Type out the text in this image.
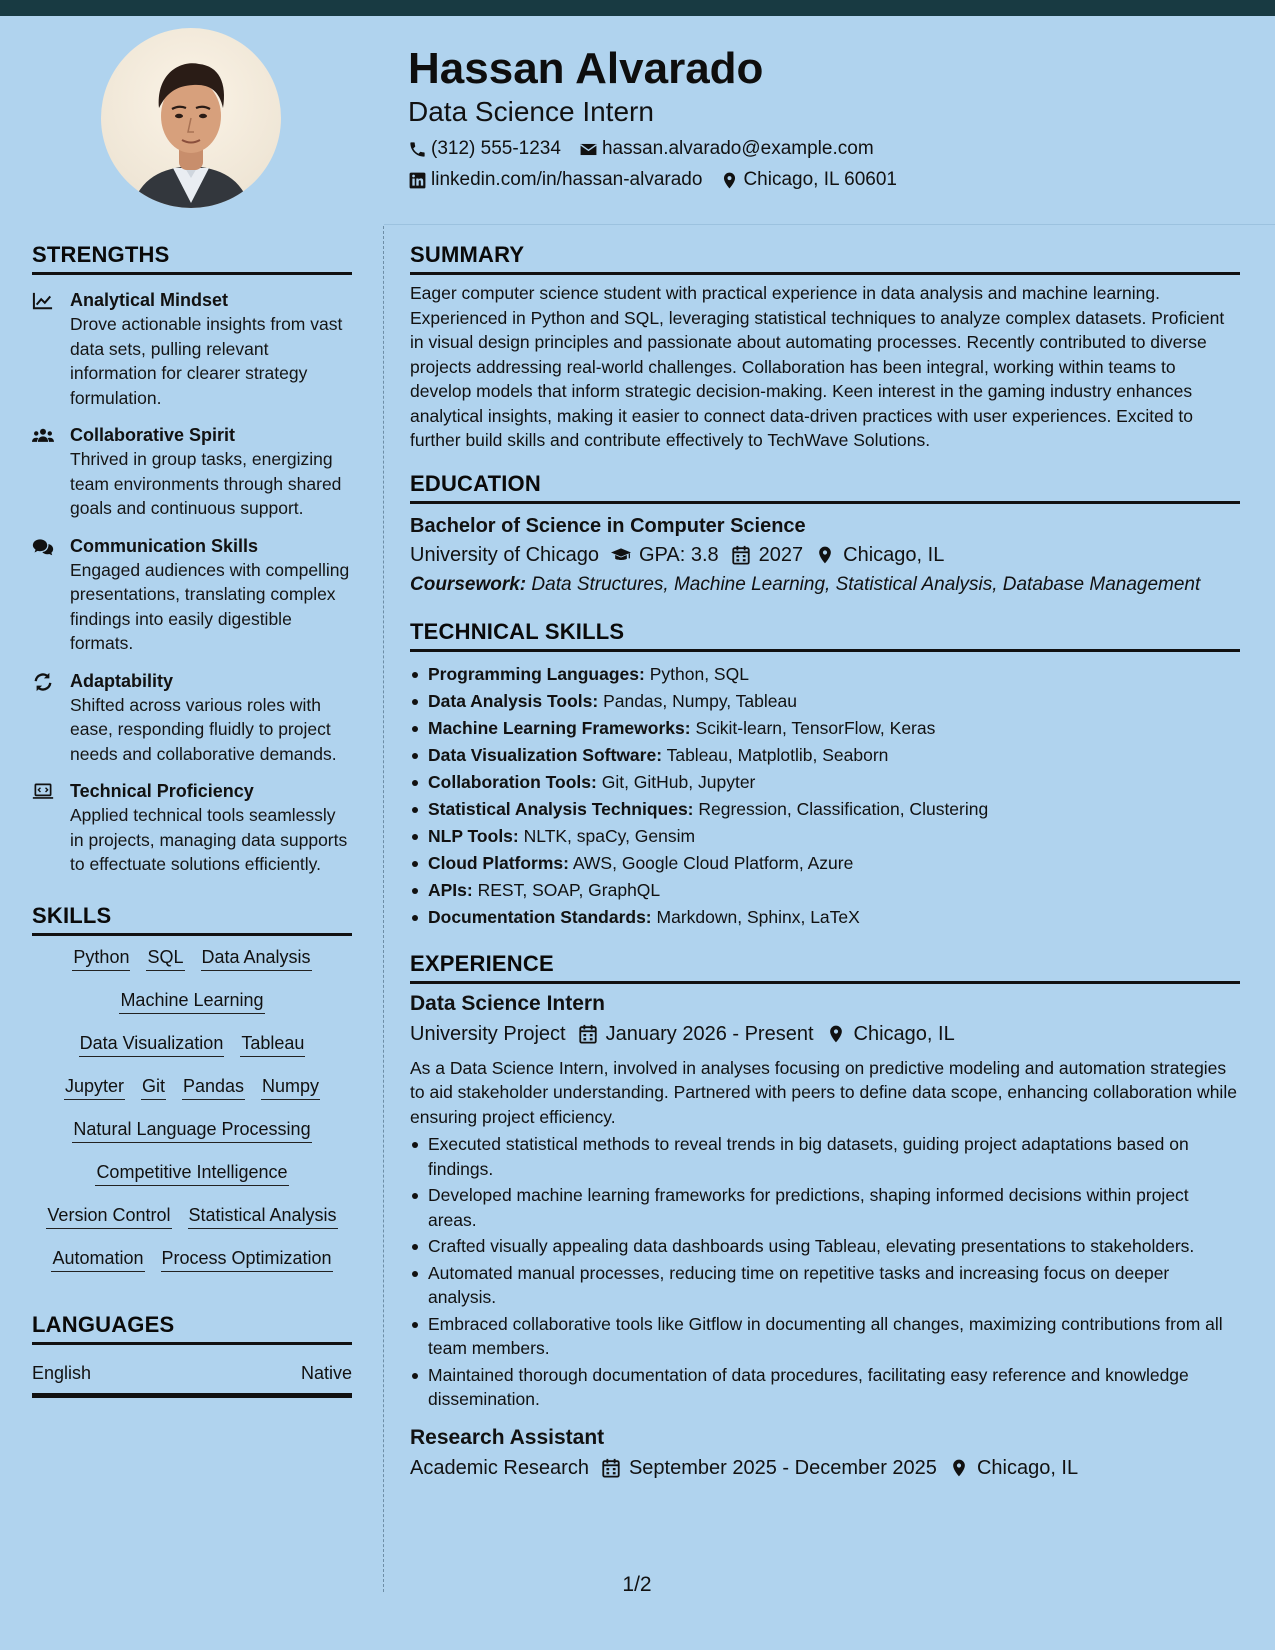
Hassan Alvarado
Data Science Intern
(312) 555-1234 hassan.alvarado@example.com
linkedin.com/in/hassan-alvarado Chicago, IL 60601
STRENGTHS
Analytical Mindset
Drove actionable insights from vast data sets, pulling relevant information for clearer strategy formulation.
Collaborative Spirit
Thrived in group tasks, energizing team environments through shared goals and continuous support.
Communication Skills
Engaged audiences with compelling presentations, translating complex findings into easily digestible formats.
Adaptability
Shifted across various roles with ease, responding fluidly to project needs and collaborative demands.
Technical Proficiency
Applied technical tools seamlessly in projects, managing data supports to effectuate solutions efficiently.
SKILLS
Python SQL Data Analysis
Machine Learning
Data Visualization Tableau
Jupyter Git Pandas Numpy
Natural Language Processing
Competitive Intelligence
Version Control Statistical Analysis
Automation Process Optimization
LANGUAGES
English	Native
SUMMARY
Eager computer science student with practical experience in data analysis and machine learning. Experienced in Python and SQL, leveraging statistical techniques to analyze complex datasets. Proficient in visual design principles and passionate about automating processes. Recently contributed to diverse projects addressing real-world challenges. Collaboration has been integral, working within teams to develop models that inform strategic decision-making. Keen interest in the gaming industry enhances analytical insights, making it easier to connect data-driven practices with user experiences. Excited to further build skills and contribute effectively to TechWave Solutions.
EDUCATION
Bachelor of Science in Computer Science
University of Chicago GPA: 3.8 2027 Chicago, IL
Coursework: Data Structures, Machine Learning, Statistical Analysis, Database Management
TECHNICAL SKILLS
Programming Languages: Python, SQL
Data Analysis Tools: Pandas, Numpy, Tableau
Machine Learning Frameworks: Scikit-learn, TensorFlow, Keras
Data Visualization Software: Tableau, Matplotlib, Seaborn
Collaboration Tools: Git, GitHub, Jupyter
Statistical Analysis Techniques: Regression, Classification, Clustering
NLP Tools: NLTK, spaCy, Gensim
Cloud Platforms: AWS, Google Cloud Platform, Azure
APIs: REST, SOAP, GraphQL
Documentation Standards: Markdown, Sphinx, LaTeX
EXPERIENCE
Data Science Intern
University Project January 2026 - Present Chicago, IL
As a Data Science Intern, involved in analyses focusing on predictive modeling and automation strategies to aid stakeholder understanding. Partnered with peers to define data scope, enhancing collaboration while ensuring project efficiency.
Executed statistical methods to reveal trends in big datasets, guiding project adaptations based on findings.
Developed machine learning frameworks for predictions, shaping informed decisions within project areas.
Crafted visually appealing data dashboards using Tableau, elevating presentations to stakeholders.
Automated manual processes, reducing time on repetitive tasks and increasing focus on deeper analysis.
Embraced collaborative tools like Gitflow in documenting all changes, maximizing contributions from all team members.
Maintained thorough documentation of data procedures, facilitating easy reference and knowledge dissemination.
Research Assistant
Academic Research September 2025 - December 2025 Chicago, IL
1/2
